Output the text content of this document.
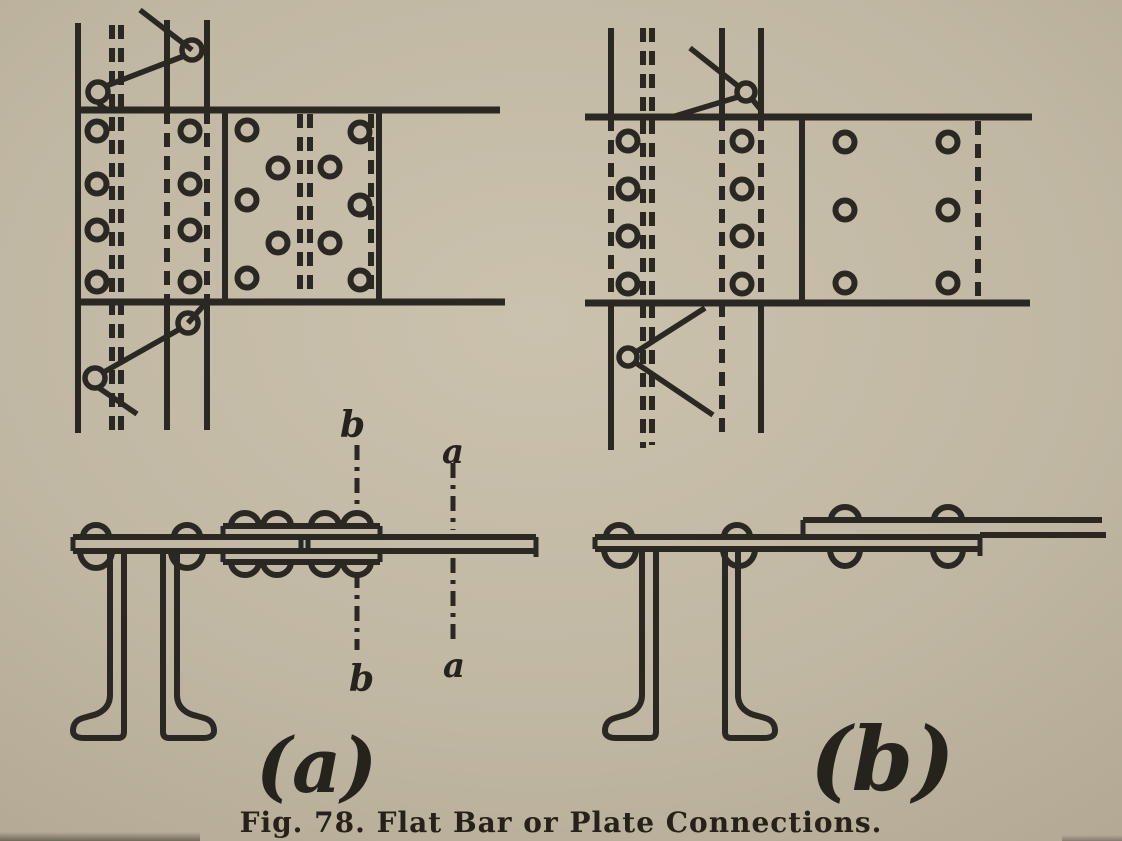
b
a
b a
(a)	(b)
Fig. 78. Flat Bar or Plate Connections.
